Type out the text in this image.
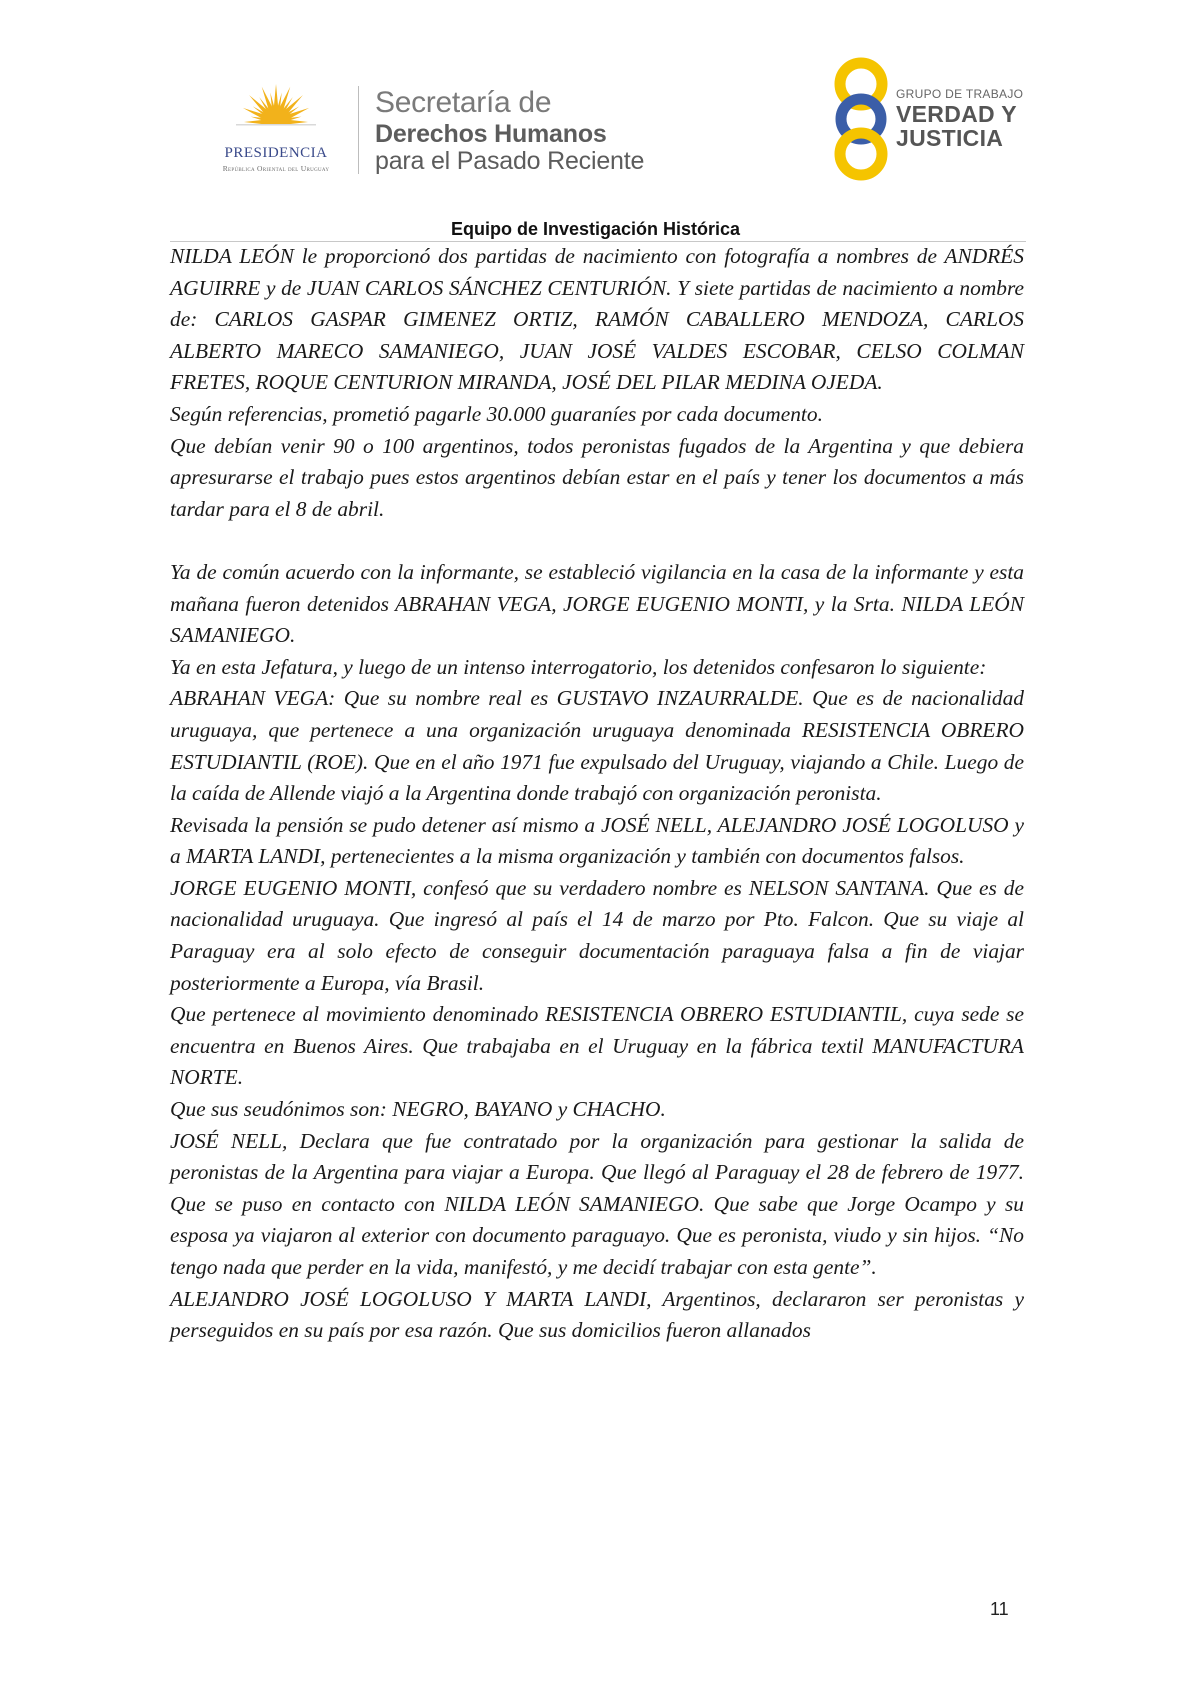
PRESIDENCIA
República Oriental del Uruguay
Secretaría de
Derechos Humanos
para el Pasado Reciente
GRUPO DE TRABAJO
VERDAD Y
JUSTICIA
Equipo de Investigación Histórica

NILDA LEÓN le proporcionó dos partidas de nacimiento con fotografía a nombres de ANDRÉS AGUIRRE y de JUAN CARLOS SÁNCHEZ CENTURIÓN. Y siete partidas de nacimiento a nombre de: CARLOS GASPAR GIMENEZ ORTIZ, RAMÓN CABALLERO MENDOZA, CARLOS ALBERTO MARECO SAMANIEGO, JUAN JOSÉ VALDES ESCOBAR, CELSO COLMAN FRETES, ROQUE CENTURION MIRANDA, JOSÉ DEL PILAR MEDINA OJEDA.

Según referencias, prometió pagarle 30.000 guaraníes por cada documento.

Que debían venir 90 o 100 argentinos, todos peronistas fugados de la Argentina y que debiera apresurarse el trabajo pues estos argentinos debían estar en el país y tener los documentos a más tardar para el 8 de abril.

Ya de común acuerdo con la informante, se estableció vigilancia en la casa de la informante y esta mañana fueron detenidos ABRAHAN VEGA, JORGE EUGENIO MONTI, y la Srta. NILDA LEÓN SAMANIEGO.

Ya en esta Jefatura, y luego de un intenso interrogatorio, los detenidos confesaron lo siguiente:

ABRAHAN VEGA: Que su nombre real es GUSTAVO INZAURRALDE. Que es de nacionalidad uruguaya, que pertenece a una organización uruguaya denominada RESISTENCIA OBRERO ESTUDIANTIL (ROE). Que en el año 1971 fue expulsado del Uruguay, viajando a Chile. Luego de la caída de Allende viajó a la Argentina donde trabajó con organización peronista.

Revisada la pensión se pudo detener así mismo a JOSÉ NELL, ALEJANDRO JOSÉ LOGOLUSO y a MARTA LANDI, pertenecientes a la misma organización y también con documentos falsos.

JORGE EUGENIO MONTI, confesó que su verdadero nombre es NELSON SANTANA. Que es de nacionalidad uruguaya. Que ingresó al país el 14 de marzo por Pto. Falcon. Que su viaje al Paraguay era al solo efecto de conseguir documentación paraguaya falsa a fin de viajar posteriormente a Europa, vía Brasil.

Que pertenece al movimiento denominado RESISTENCIA OBRERO ESTUDIANTIL, cuya sede se encuentra en Buenos Aires. Que trabajaba en el Uruguay en la fábrica textil MANUFACTURA NORTE.

Que sus seudónimos son: NEGRO, BAYANO y CHACHO.

JOSÉ NELL, Declara que fue contratado por la organización para gestionar la salida de peronistas de la Argentina para viajar a Europa. Que llegó al Paraguay el 28 de febrero de 1977. Que se puso en contacto con NILDA LEÓN SAMANIEGO. Que sabe que Jorge Ocampo y su esposa ya viajaron al exterior con documento paraguayo. Que es peronista, viudo y sin hijos. “No tengo nada que perder en la vida, manifestó, y me decidí trabajar con esta gente”.

ALEJANDRO JOSÉ LOGOLUSO Y MARTA LANDI, Argentinos, declararon ser peronistas y perseguidos en su país por esa razón. Que sus domicilios fueron allanados

11
